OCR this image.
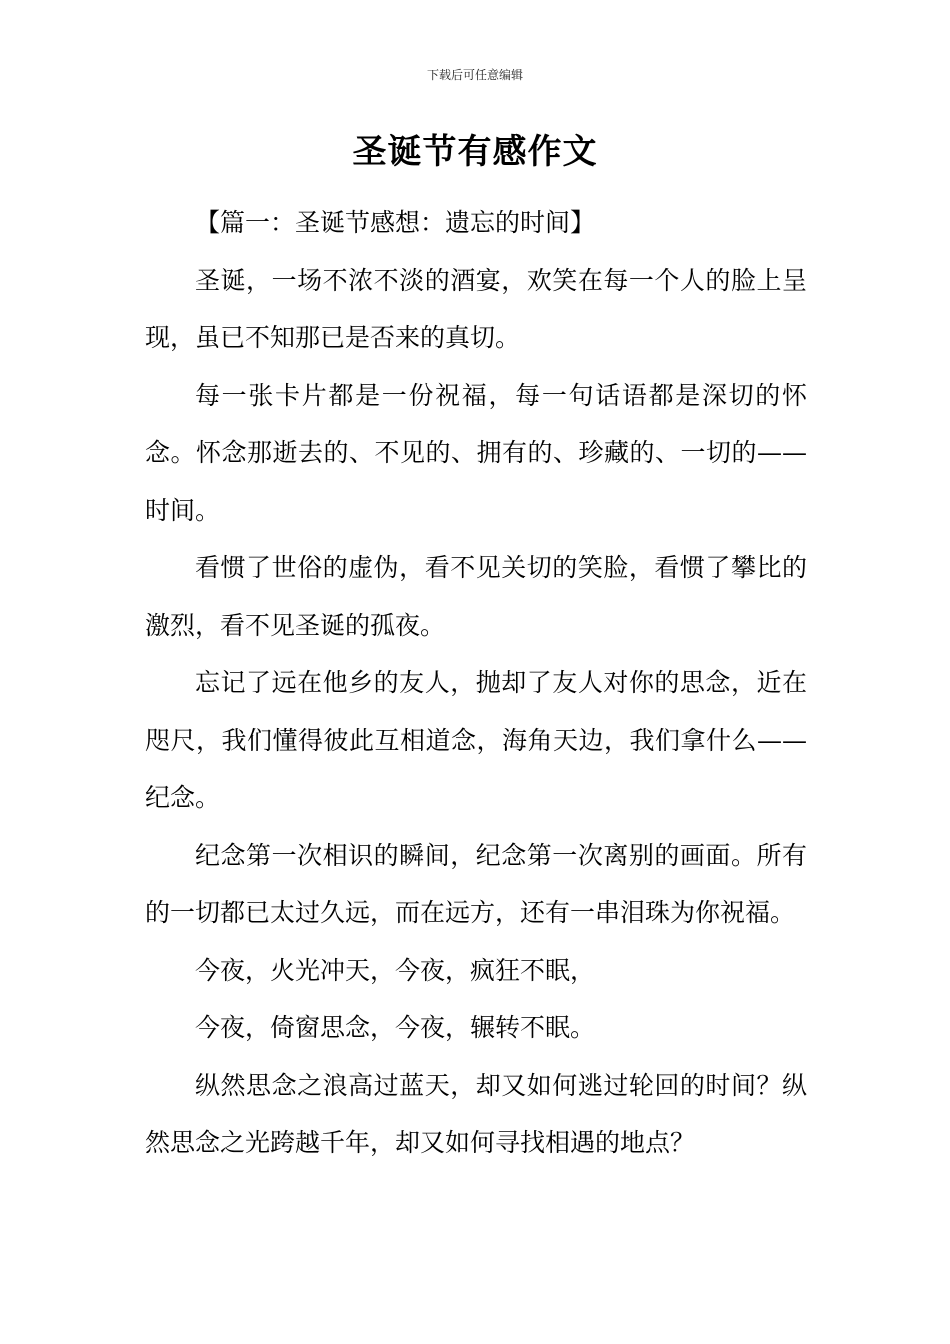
下载后可任意编辑
圣诞节有感作文

【篇一：圣诞节感想：遗忘的时间】

圣诞，一场不浓不淡的酒宴，欢笑在每一个人的脸上呈现，虽已不知那已是否来的真切。

每一张卡片都是一份祝福，每一句话语都是深切的怀念。怀念那逝去的、不见的、拥有的、珍藏的、一切的——时间。

看惯了世俗的虚伪，看不见关切的笑脸，看惯了攀比的激烈，看不见圣诞的孤夜。

忘记了远在他乡的友人，抛却了友人对你的思念，近在咫尺，我们懂得彼此互相道念，海角天边，我们拿什么——纪念。

纪念第一次相识的瞬间，纪念第一次离别的画面。所有的一切都已太过久远，而在远方，还有一串泪珠为你祝福。

今夜，火光冲天，今夜，疯狂不眠，

今夜，倚窗思念，今夜，辗转不眠。

纵然思念之浪高过蓝天，却又如何逃过轮回的时间？纵然思念之光跨越千年，却又如何寻找相遇的地点？
